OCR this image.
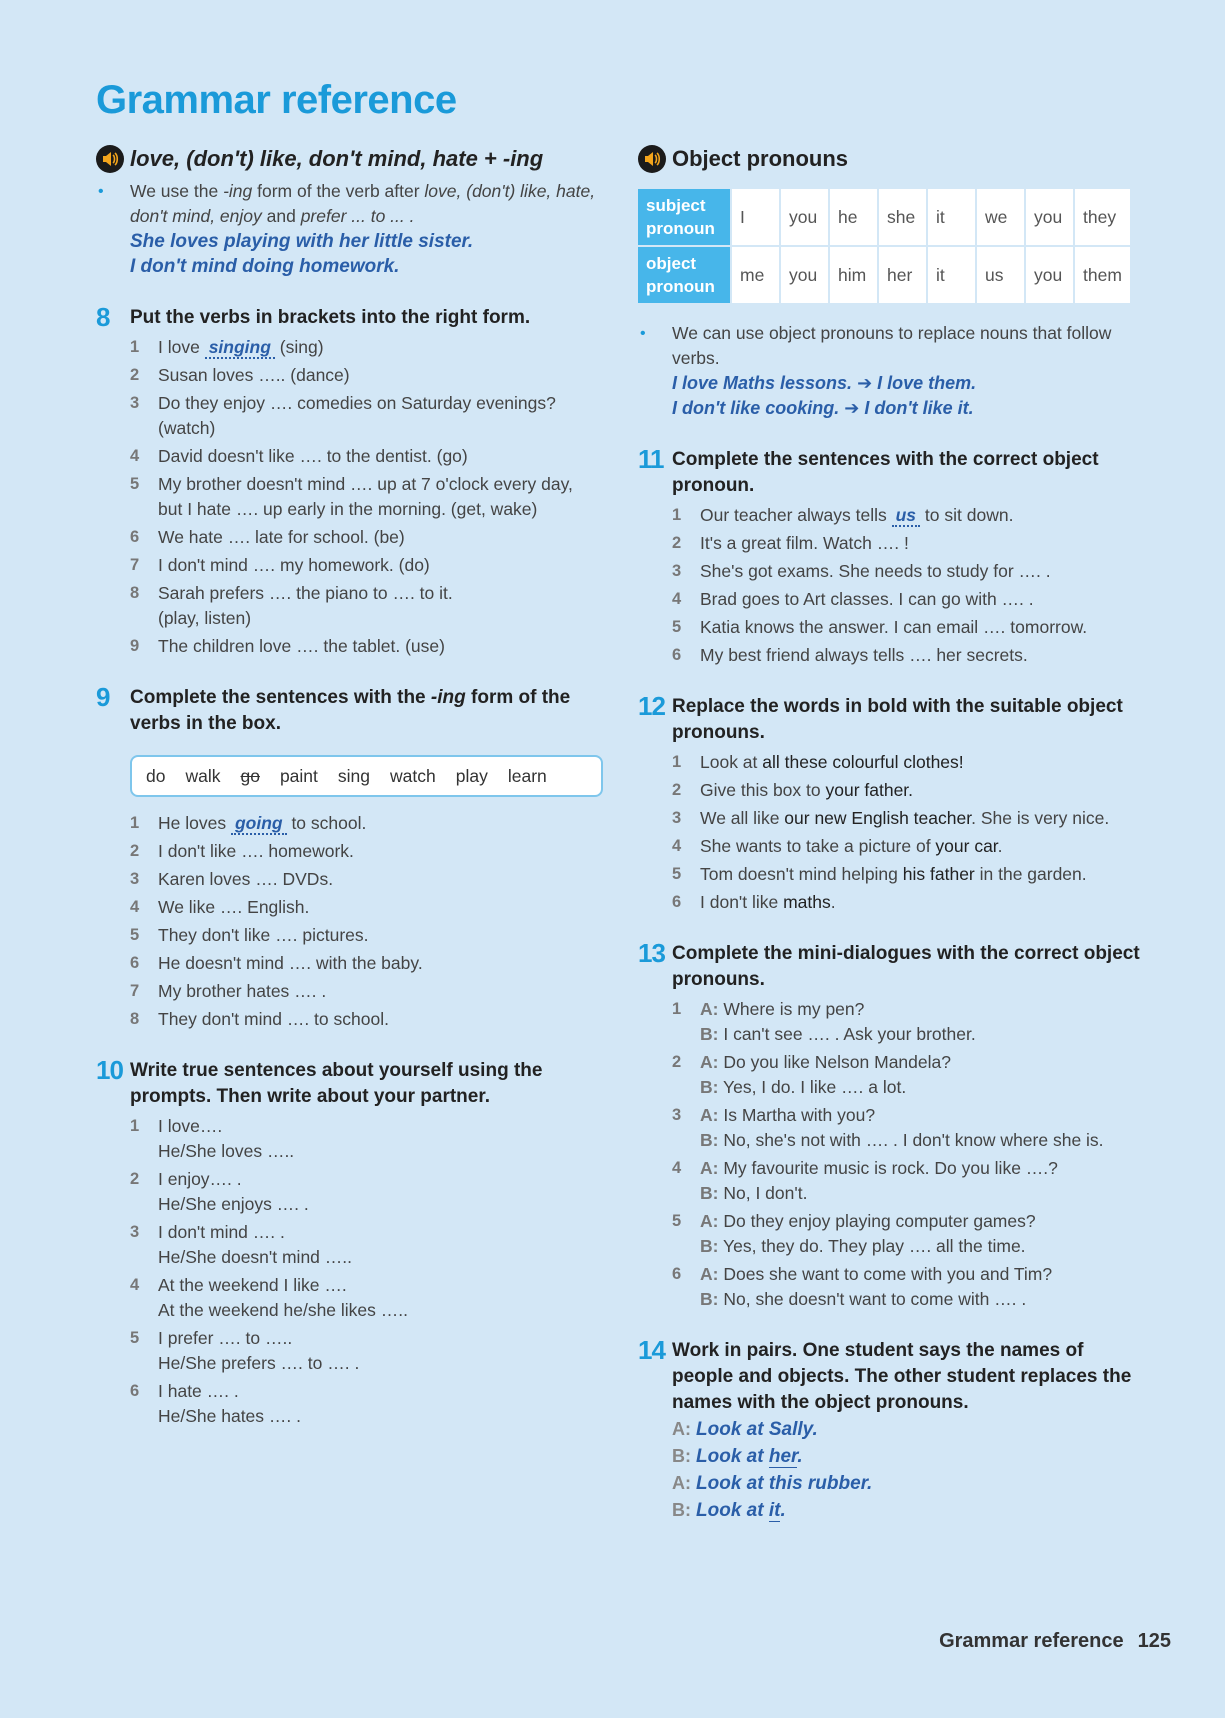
Grammar reference
love, (don't) like, don't mind, hate + -ing
• We use the -ing form of the verb after love, (don't) like, hate, don't mind, enjoy and prefer ... to ... .
She loves playing with her little sister.
I don't mind doing homework.
8	Put the verbs in brackets into the right form.
1 I love singing (sing)
2 Susan loves ….. (dance)
3 Do they enjoy …. comedies on Saturday evenings?
(watch)
4 David doesn't like …. to the dentist. (go)
5 My brother doesn't mind …. up at 7 o'clock every day,
but I hate …. up early in the morning. (get, wake)
6 We hate …. late for school. (be)
7 I don't mind …. my homework. (do)
8 Sarah prefers …. the piano to …. to it.
(play, listen)
9 The children love …. the tablet. (use)
9	Complete the sentences with the -ing form of the verbs in the box.
do walk go paint sing watch play learn
1 He loves going to school.
2 I don't like …. homework.
3 Karen loves …. DVDs.
4 We like …. English.
5 They don't like …. pictures.
6 He doesn't mind …. with the baby.
7 My brother hates …. .
8 They don't mind …. to school.
10 Write true sentences about yourself using the prompts. Then write about your partner.
1 I love….
He/She loves …..
2 I enjoy…. .
He/She enjoys …. .
3 I don't mind …. .
He/She doesn't mind …..
4 At the weekend I like ….
At the weekend he/she likes …..
5 I prefer …. to …..
He/She prefers …. to …. .
6 I hate …. .
He/She hates …. .
Object pronouns
subject
pronoun	I	you	he	she	it	we	you	they
object
pronoun	me	you	him	her	it	us	you	them
• We can use object pronouns to replace nouns that follow verbs.
I love Maths lessons. ➔ I love them.
I don't like cooking. ➔ I don't like it.
11 Complete the sentences with the correct object pronoun.
1 Our teacher always tells us to sit down.
2 It's a great film. Watch …. !
3 She's got exams. She needs to study for …. .
4 Brad goes to Art classes. I can go with …. .
5 Katia knows the answer. I can email …. tomorrow.
6 My best friend always tells …. her secrets.
12 Replace the words in bold with the suitable object pronouns.
1 Look at all these colourful clothes!
2 Give this box to your father.
3 We all like our new English teacher. She is very nice.
4 She wants to take a picture of your car.
5 Tom doesn't mind helping his father in the garden.
6 I don't like maths.
13 Complete the mini-dialogues with the correct object pronouns.
1 A: Where is my pen?
B: I can't see …. . Ask your brother.
2 A: Do you like Nelson Mandela?
B: Yes, I do. I like …. a lot.
3 A: Is Martha with you?
B: No, she's not with …. . I don't know where she is.
4 A: My favourite music is rock. Do you like ….?
B: No, I don't.
5 A: Do they enjoy playing computer games?
B: Yes, they do. They play …. all the time.
6 A: Does she want to come with you and Tim?
B: No, she doesn't want to come with …. .
14 Work in pairs. One student says the names of people and objects. The other student replaces the names with the object pronouns.
A: Look at Sally.
B: Look at her.
A: Look at this rubber.
B: Look at it.
Grammar reference 125
